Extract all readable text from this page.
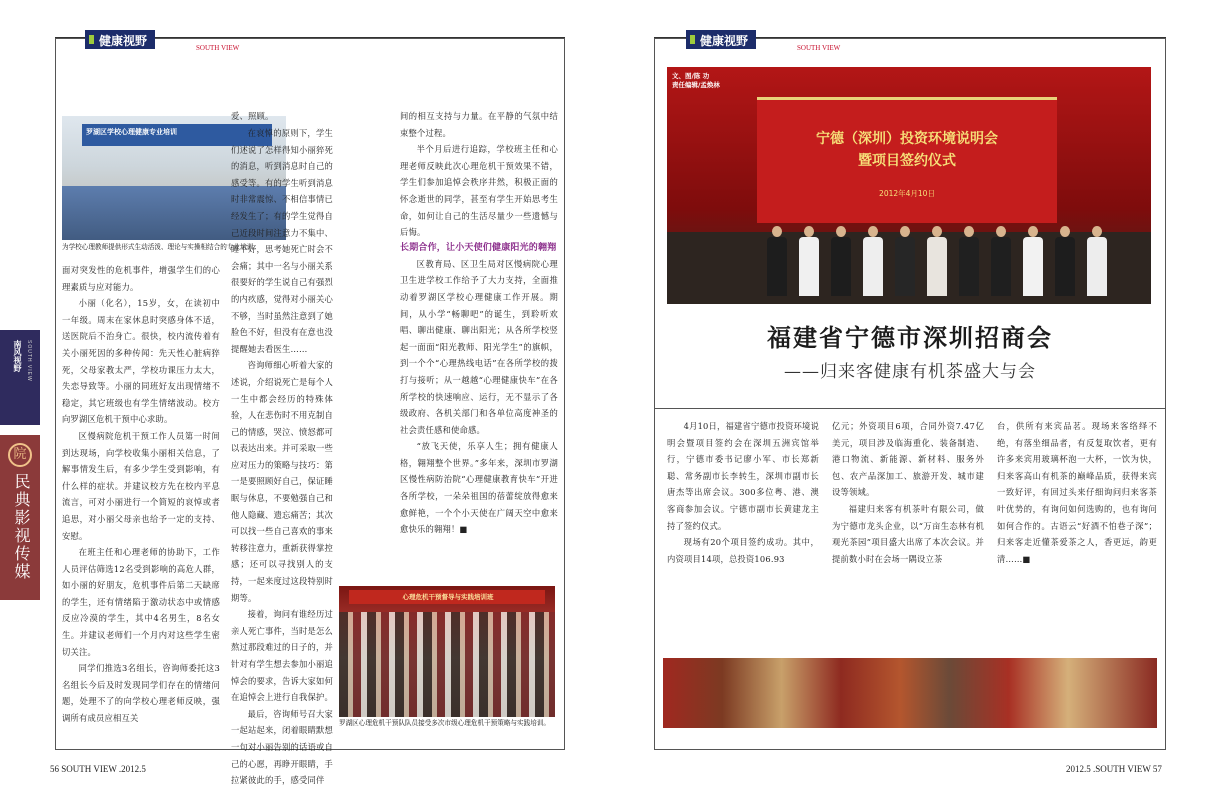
健康视野	SOUTH VIEW
罗湖区学校心理健康专业培训
为学校心理教师提供形式生动活泼、理论与实操相结合的专业培训。

面对突发性的危机事件，增强学生们的心理素质与应对能力。

小丽（化名），15岁，女，在读初中一年级。周末在家休息时突感身体不适，送医院后不治身亡。很快，校内流传着有关小丽死因的多种传闻：先天性心脏病猝死，父母家教太严，学校功课压力太大，失恋导致等。小丽的同班好友出现情绪不稳定，其它班级也有学生情绪波动。校方向罗湖区危机干预中心求助。

区慢病院危机干预工作人员第一时间到达现场，向学校收集小丽相关信息，了解事情发生后，有多少学生受到影响，有什么样的症状。并建议校方先在校内平息流言，可对小丽进行一个简短的哀悼或者追思，对小丽父母亲也给予一定的支持、安慰。

在班主任和心理老师的协助下，工作人员评估筛选12名受到影响的高危人群，如小丽的好朋友，危机事件后第二天缺席的学生，还有情绪陷于激动状态中或情感反应冷漠的学生，其中4名男生，8名女生。并建议老师们一个月内对这些学生密切关注。

同学们推选3名组长，咨询师委托这3名组长今后及时发现同学们存在的情绪问题，处理不了的向学校心理老师反映，强调所有成员应相互关

爱、照顾。

在哀悼的原则下，学生们述说了怎样得知小丽猝死的消息，听到消息时自己的感受等。有的学生听到消息时非常震惊、不相信事情已经发生了；有的学生觉得自己近段时间注意力不集中、睡不好，思考她死亡时会不会痛；其中一名与小丽关系很要好的学生说自己有强烈的内疚感，觉得对小丽关心不够，当时虽然注意到了她脸色不好，但没有在意也没提醒她去看医生……

咨询师细心听着大家的述说，介绍说死亡是每个人一生中都会经历的特殊体验，人在悲伤时不用克制自己的情感，哭泣、愤怒都可以表达出来。并可采取一些应对压力的策略与技巧：第一是要照顾好自己，保证睡眠与休息，不要勉强自己和他人隐藏、遗忘痛苦；其次可以找一些自己喜欢的事来转移注意力，重新获得掌控感；还可以寻找别人的支持，一起来度过这段特别时期等。

接着，询问有谁经历过亲人死亡事件，当时是怎么熬过那段难过的日子的，并针对有学生想去参加小丽追悼会的要求，告诉大家如何在追悼会上进行自我保护。

最后，咨询师号召大家一起站起来，闭着眼睛默想一句对小丽告别的话语或自己的心愿，再睁开眼睛，手拉紧彼此的手，感受同伴

间的相互支持与力量。在平静的气氛中结束整个过程。

半个月后进行追踪，学校班主任和心理老师反映此次心理危机干预效果不错，学生们参加追悼会秩序井然，积极正面的怀念逝世的同学，甚至有学生开始思考生命，如何让自己的生活尽量少一些遗憾与后悔。

长期合作，让小天使们健康阳光的翱翔

区教育局、区卫生局对区慢病院心理卫生进学校工作给予了大力支持，全面推动着罗湖区学校心理健康工作开展。期间，从小学“畅聊吧”的诞生，到聆听欢唱、聊出健康、聊出阳光；从各所学校竖起一面面“阳光教师、阳光学生”的旗帜，到一个个“心理热线电话”在各所学校的拨打与接听；从一越越“心理健康快车”在各所学校的快速响应、运行，无不显示了各级政府、各机关部门和各单位高度神圣的社会责任感和使命感。

“放飞天使，乐享人生；拥有健康人格，翱翔整个世界。”多年来，深圳市罗湖区慢性病防治院“心理健康教育快车”开进各所学校，一朵朵祖国的蓓蕾绽放得愈来愈鲜艳，一个个小天使在广阔天空中愈来愈快乐的翱翔！■

心理危机干预督导与实践培训班
罗湖区心理危机干预队队员接受多次市级心理危机干预策略与实践培训。
南风视野 SOUTH VIEW
院
民典影视传媒
56 SOUTH VIEW .2012.5
健康视野	SOUTH VIEW
宁德（深圳）投资环境说明会
暨项目签约仪式
2012年4月10日
文、图/陈 功
责任编辑/孟焕林
福建省宁德市深圳招商会
——归来客健康有机茶盛大与会

4月10日，福建省宁德市投资环境说明会暨项目签约会在深圳五洲宾馆举行，宁德市委书记廖小军、市长郑新聪、常务副市长李转生，深圳市副市长唐杰等出席会议。300多位粤、港、澳客商参加会议。宁德市副市长黄建龙主持了签约仪式。

现场有20个项目签约成功。其中，内资项目14项，总投资106.93

亿元；外资项目6项，合同外资7.47亿美元，项目涉及临海重化、装备制造、港口物流、新能源、新材料、服务外包、农产品深加工、旅游开发、城市建设等领域。

福建归来客有机茶叶有限公司，做为宁德市龙头企业，以“万亩生态林有机观光茶园”项目盛大出席了本次会议。并提前数小时在会场一隅设立茶

台，供所有来宾品茗。现场来客络绎不绝，有落坐细品者，有反复取饮者，更有许多来宾用玻璃杯泡一大杯，一饮为快，归来客高山有机茶的巅峰品质，获得来宾一致好评，有回过头来仔细询问归来客茶叶优势的，有询问如何选购的，也有询问如何合作的。古语云“好酒不怕巷子深”；归来客走近懂茶爱茶之人，香更远，韵更清……■

2012.5 .SOUTH VIEW 57
